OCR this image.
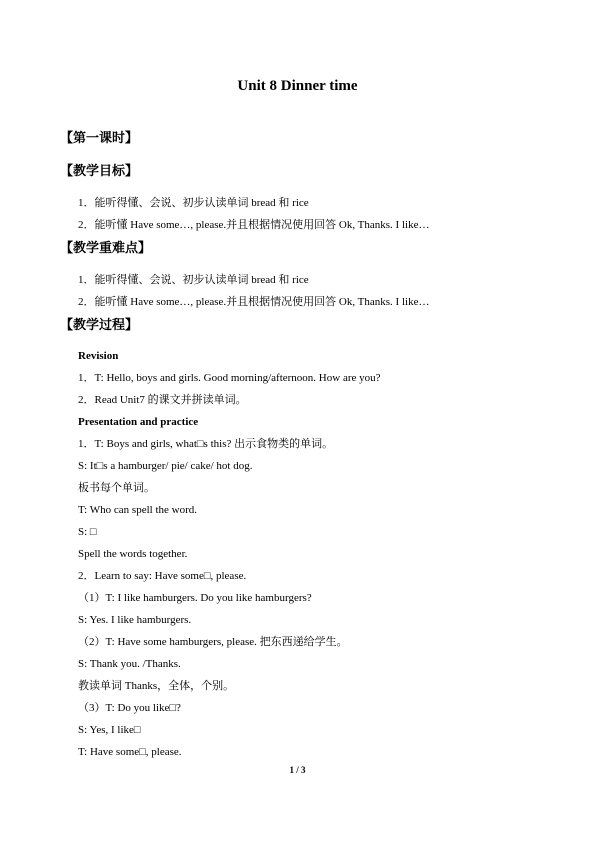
Unit 8 Dinner time
【第一课时】
【教学目标】
1．能听得懂、会说、初步认读单词 bread 和 rice
2．能听懂 Have some…, please.并且根据情况使用回答 Ok, Thanks. I like…
【教学重难点】
1．能听得懂、会说、初步认读单词 bread 和 rice
2．能听懂 Have some…, please.并且根据情况使用回答 Ok, Thanks. I like…
【教学过程】
Revision
1．T: Hello, boys and girls. Good morning/afternoon. How are you?
2．Read Unit7 的课文并拼读单词。
Presentation and practice
1．T: Boys and girls, what□s this? 出示食物类的单词。
S: It□s a hamburger/ pie/ cake/ hot dog.
板书每个单词。
T: Who can spell the word.
S: □
Spell the words together.
2．Learn to say: Have some□, please.
（1）T: I like hamburgers. Do you like hamburgers?
S: Yes. I like hamburgers.
（2）T: Have some hamburgers, please. 把东西递给学生。
S: Thank you. /Thanks.
教读单词 Thanks，全体，个别。
（3）T: Do you like□?
S: Yes, I like□
T: Have some□, please.
1 / 3
